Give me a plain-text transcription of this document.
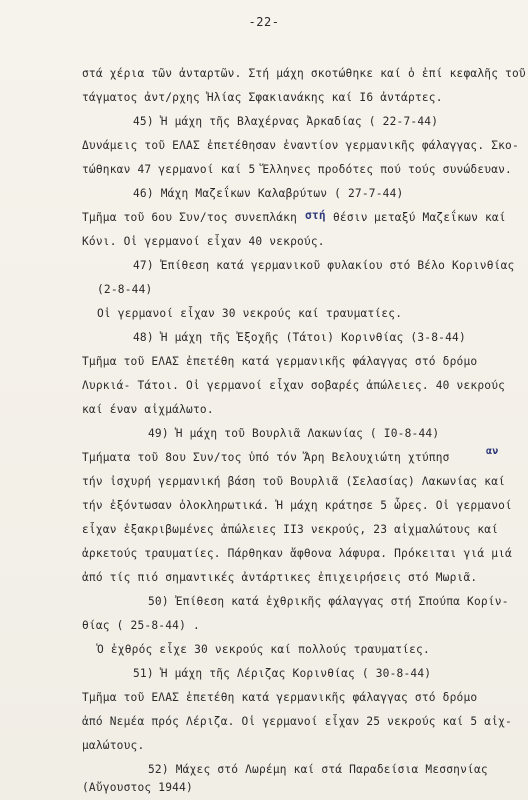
-22-
στά χέρια τῶν ἀνταρτῶν. Στή μάχη σκοτώθηκε καί ὁ ἐπί κεφαλῆς τοῦ
τάγματος ἀντ/ρχης Ἠλίας Σφακιανάκης καί Ι6 ἀντάρτες.
45) Ἡ μάχη τῆς Βλαχέρνας Ἀρκαδίας ( 22-7-44)
Δυνάμεις τοῦ ΕΛΑΣ ἐπετέθησαν ἐναντίον γερμανικῆς φάλαγγας. Σκο-
τώθηκαν 47 γερμανοί καί 5 Ἕλληνες προδότες πού τούς συνώδευαν.
46) Μάχη Μαζεΐκων Καλαβρύτων ( 27-7-44)
Τμῆμα τοῦ 6ου Συν/τος συνεπλάκη στή θέσιν μεταξύ Μαζεΐκων καί
Κόνι. Οἱ γερμανοί εἶχαν 40 νεκρούς.
47) Ἐπίθεση κατά γερμανικοῦ φυλακίου στό Βέλο Κορινθίας
(2-8-44)
Οἱ γερμανοί εἶχαν 30 νεκρούς καί τραυματίες.
48) Ἡ μάχη τῆς Ἐξοχῆς (Τάτοι) Κορινθίας (3-8-44)
Τμῆμα τοῦ ΕΛΑΣ ἐπετέθη κατά γερμανικῆς φάλαγγας στό δρόμο
Λυρκιά- Τάτοι. Οἱ γερμανοί εἶχαν σοβαρές ἀπώλειες. 40 νεκρούς
καί έναν αἰχμάλωτο.
49) Ἡ μάχη τοῦ Βουρλιᾶ Λακωνίας ( Ι0-8-44)
Τμήματα τοῦ 8ου Συν/τος ὑπό τόν Ἄρη Βελουχιώτη χτύπησ	αν
τήν ἰσχυρή γερμανική βάση τοῦ Βουρλιᾶ (Σελασίας) Λακωνίας καί
τήν ἐξόντωσαν ὁλοκληρωτικά. Ἡ μάχη κράτησε 5 ὧρες. Οἱ γερμανοί
εἶχαν ἐξακριβωμένες ἀπώλειες ΙΙ3 νεκρούς, 23 αἰχμαλώτους καί
ἀρκετούς τραυματίες. Πάρθηκαν ἄφθονα λάφυρα. Πρόκειται γιά μιά
ἀπό τίς πιό σημαντικές ἀντάρτικες ἐπιχειρήσεις στό Μωριᾶ.
50) Ἐπίθεση κατά ἐχθρικῆς φάλαγγας στή Σπούπα Κορίν-
θίας ( 25-8-44) .
Ὁ ἐχθρός εἶχε 30 νεκρούς καί πολλούς τραυματίες.
51) Ἡ μάχη τῆς Λέριζας Κορινθίας ( 30-8-44)
Τμῆμα τοῦ ΕΛΑΣ ἐπετέθη κατά γερμανικῆς φάλαγγας στό δρόμο
ἀπό Νεμέα πρός Λέριζα. Οἱ γερμανοί εἶχαν 25 νεκρούς καί 5 αἰχ-
μαλώτους.
52) Μάχες στό Λωρέμη καί στά Παραδείσια Μεσσηνίας
(Αὔγουστος 1944)
